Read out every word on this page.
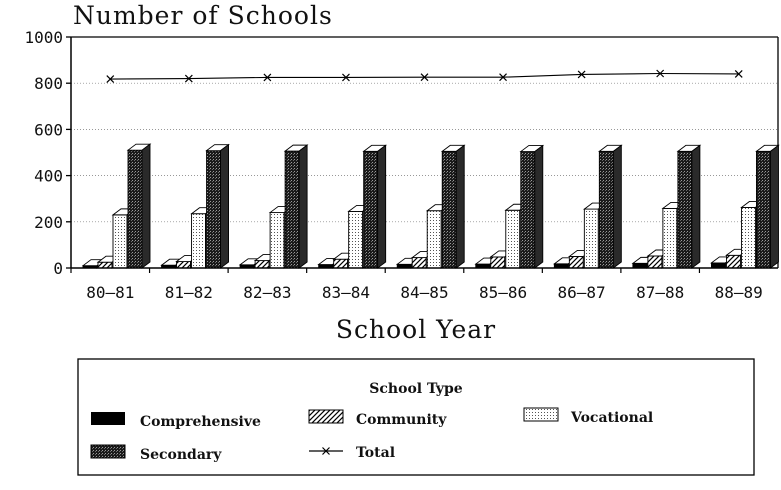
Number of Schools
0
200
400
600
800
1000
80–81 81–82 82–83 83–84 84–85 85–86 86–87 87–88 88–89
School Year
School Type
Comprehensive	Community	Vocational
Secondary	Total
